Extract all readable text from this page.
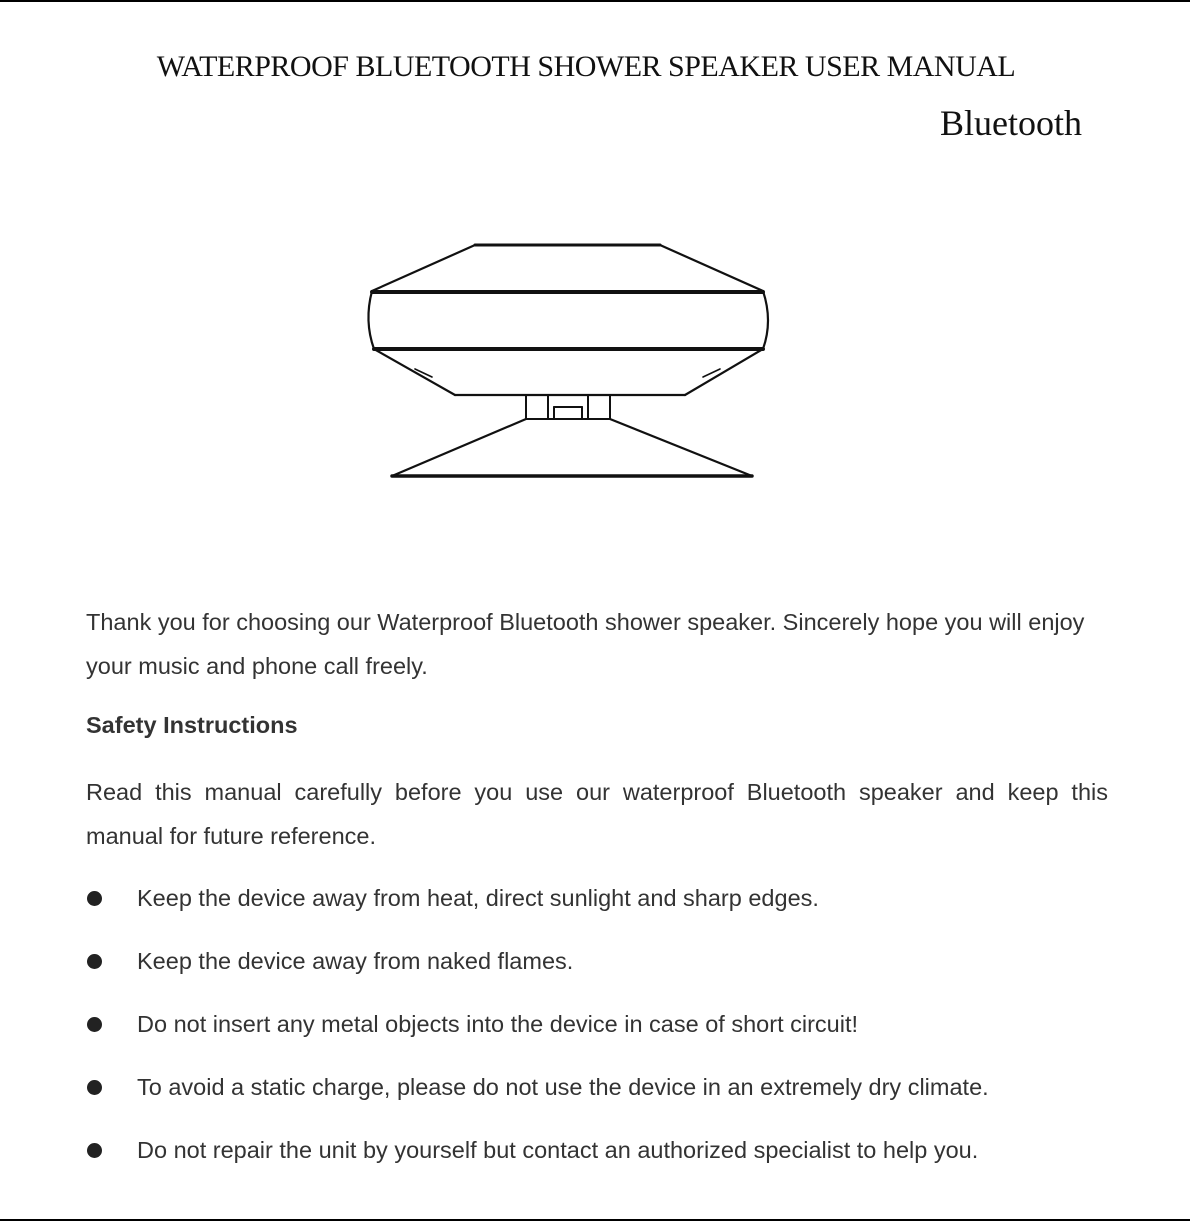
WATERPROOF BLUETOOTH SHOWER SPEAKER USER MANUAL
Bluetooth
Thank you for choosing our Waterproof Bluetooth shower speaker. Sincerely hope you will enjoy your music and phone call freely.
Safety Instructions
Read this manual carefully before you use our waterproof Bluetooth speaker and keep this manual for future reference.
Keep the device away from heat, direct sunlight and sharp edges.
Keep the device away from naked flames.
Do not insert any metal objects into the device in case of short circuit!
To avoid a static charge, please do not use the device in an extremely dry climate.
Do not repair the unit by yourself but contact an authorized specialist to help you.
